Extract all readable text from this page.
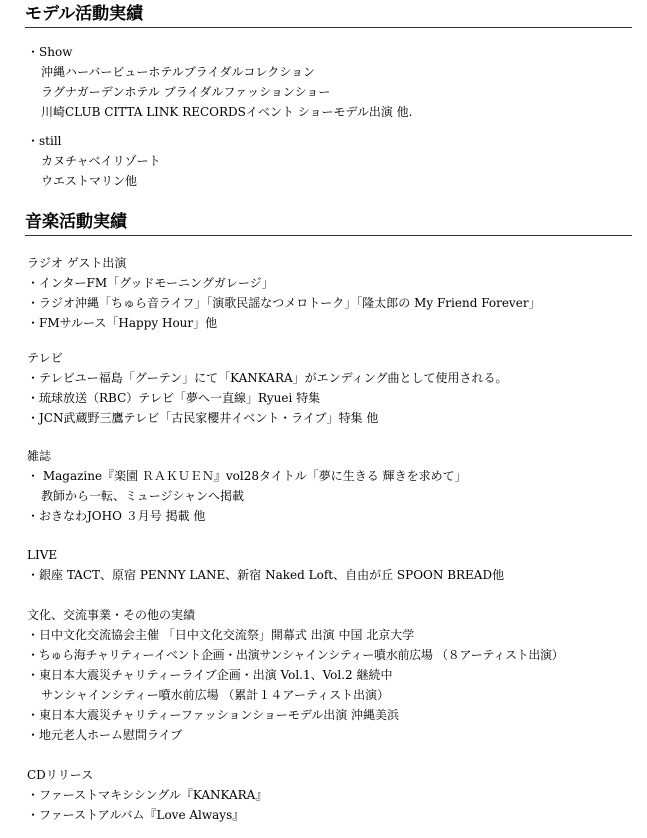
モデル活動実績
・Show
沖縄ハーバービューホテルブライダルコレクション
ラグナガーデンホテル ブライダルファッションショー
川崎CLUB CITTA LINK RECORDSイベント ショーモデル出演 他.
・still
カヌチャベイリゾート
ウエストマリン他
音楽活動実績
ラジオ ゲスト出演
・インターFM「グッドモーニングガレージ」
・ラジオ沖縄「ちゅら音ライフ」「演歌民謡なつメロトーク」「隆太郎の My Friend Forever」
・FMサルース「Happy Hour」他
テレビ
・テレビユー福島「グーテン」にて「KANKARA」がエンディング曲として使用される。
・琉球放送（RBC）テレビ「夢へ一直線」Ryuei 特集
・JCN武蔵野三鷹テレビ「古民家櫻井イベント・ライブ」特集 他
雑誌
・ Magazine『楽園 ＲＡＫＵＥＮ』vol28タイトル「夢に生きる 輝きを求めて」
教師から一転、ミュージシャンへ掲載
・おきなわJOHO ３月号 掲載 他
LIVE
・銀座 TACT、原宿 PENNY LANE、新宿 Naked Loft、自由が丘 SPOON BREAD他
文化、交流事業・その他の実績
・日中文化交流協会主催 「日中文化交流祭」開幕式 出演 中国 北京大学
・ちゅら海チャリティーイベント企画・出演サンシャインシティー噴水前広場 （８アーティスト出演）
・東日本大震災チャリティーライブ企画・出演 Vol.1、Vol.2 継続中
サンシャインシティー噴水前広場 （累計１４アーティスト出演）
・東日本大震災チャリティーファッションショーモデル出演 沖縄美浜
・地元老人ホーム慰問ライブ
CDリリース
・ファーストマキシシングル『KANKARA』
・ファーストアルバム『Love Always』
